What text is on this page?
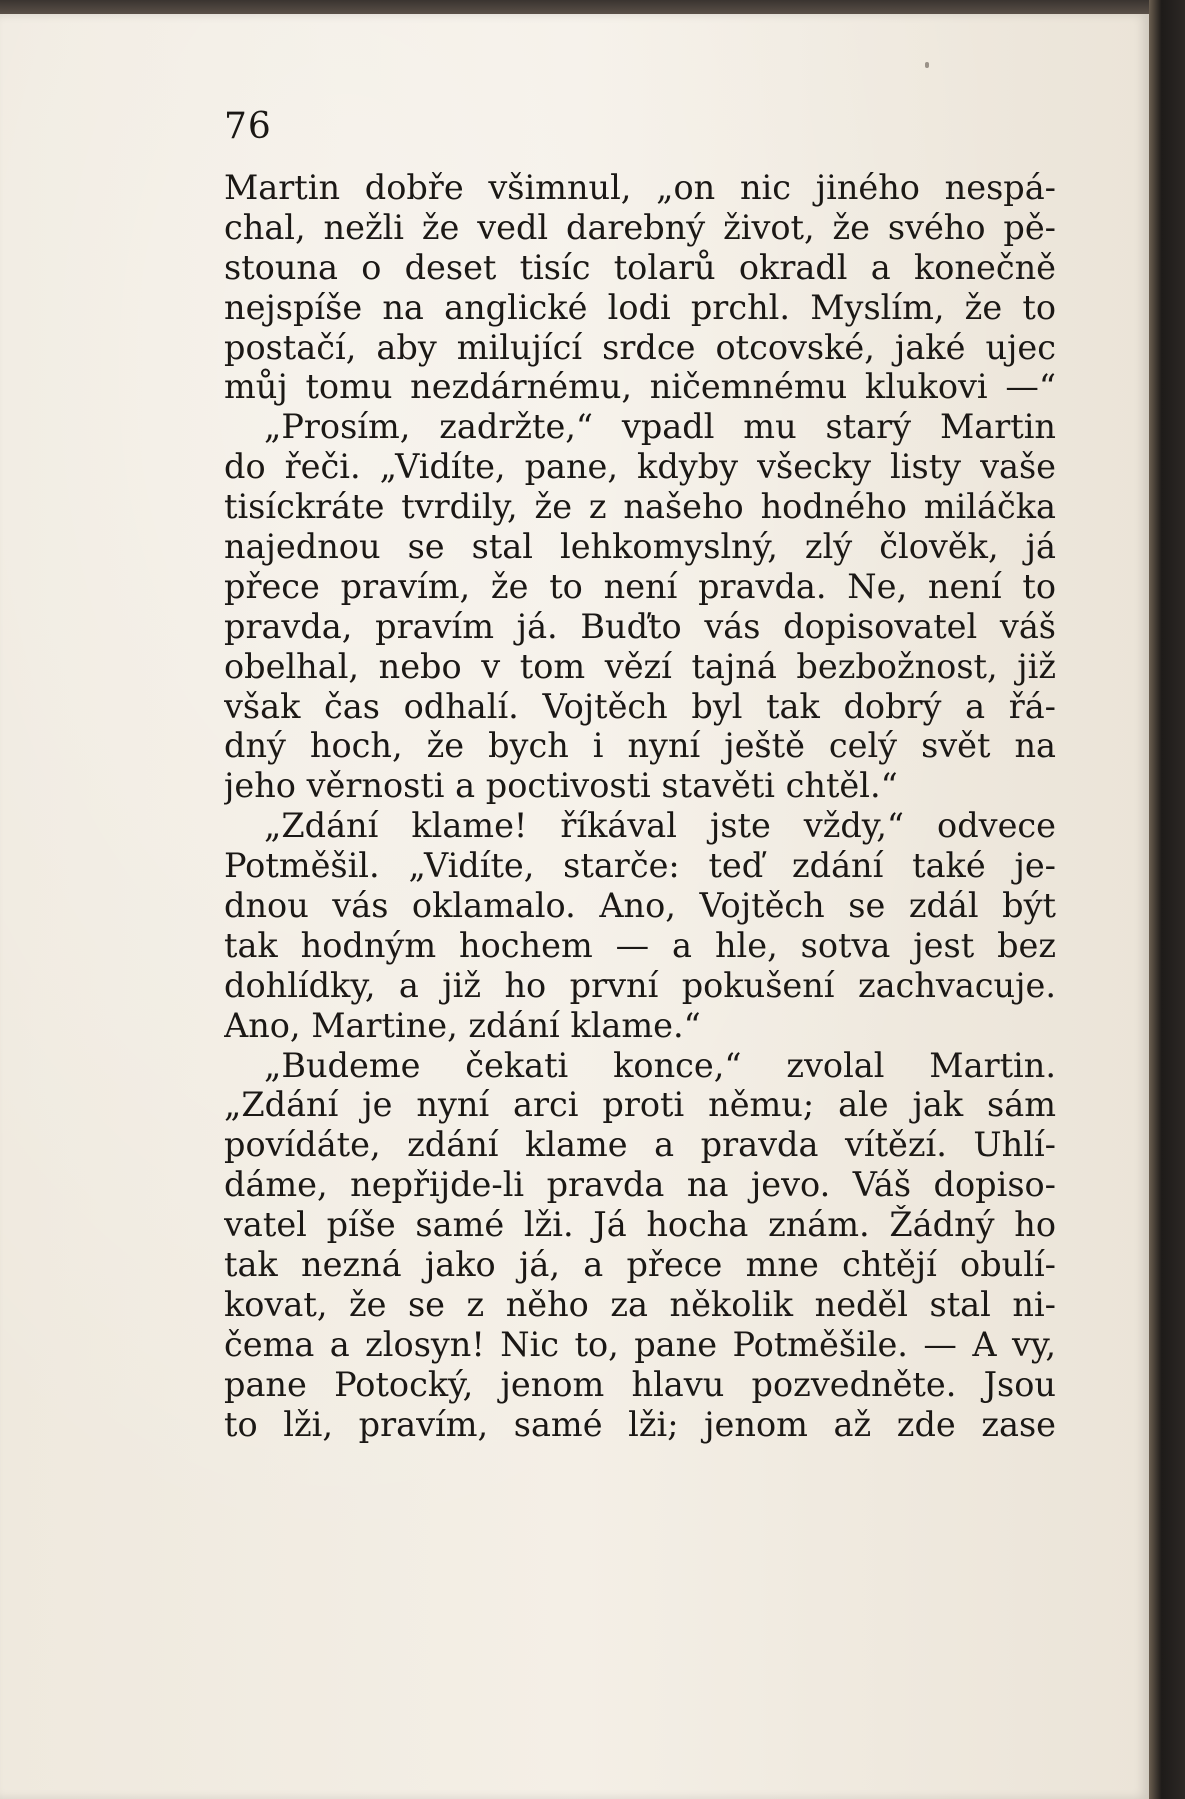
76
Martin dobře všimnul, „on nic jiného nespá-
chal, nežli že vedl darebný život, že svého pě-
stouna o deset tisíc tolarů okradl a konečně
nejspíše na anglické lodi prchl. Myslím, že to
postačí, aby milující srdce otcovské, jaké ujec
můj tomu nezdárnému, ničemnému klukovi —“
„Prosím, zadržte,“ vpadl mu starý Martin
do řeči. „Vidíte, pane, kdyby všecky listy vaše
tisíckráte tvrdily, že z našeho hodného miláčka
najednou se stal lehkomyslný, zlý člověk, já
přece pravím, že to není pravda. Ne, není to
pravda, pravím já. Buďto vás dopisovatel váš
obelhal, nebo v tom vězí tajná bezbožnost, již
však čas odhalí. Vojtěch byl tak dobrý a řá-
dný hoch, že bych i nyní ještě celý svět na
jeho věrnosti a poctivosti stavěti chtěl.“
„Zdání klame! říkával jste vždy,“ odvece
Potměšil. „Vidíte, starče: teď zdání také je-
dnou vás oklamalo. Ano, Vojtěch se zdál být
tak hodným hochem — a hle, sotva jest bez
dohlídky, a již ho první pokušení zachvacuje.
Ano, Martine, zdání klame.“
„Budeme čekati konce,“ zvolal Martin.
„Zdání je nyní arci proti němu; ale jak sám
povídáte, zdání klame a pravda vítězí. Uhlí-
dáme, nepřijde-li pravda na jevo. Váš dopiso-
vatel píše samé lži. Já hocha znám. Žádný ho
tak nezná jako já, a přece mne chtějí obulí-
kovat, že se z něho za několik neděl stal ni-
čema a zlosyn! Nic to, pane Potměšile. — A vy,
pane Potocký, jenom hlavu pozvedněte. Jsou
to lži, pravím, samé lži; jenom až zde zase
